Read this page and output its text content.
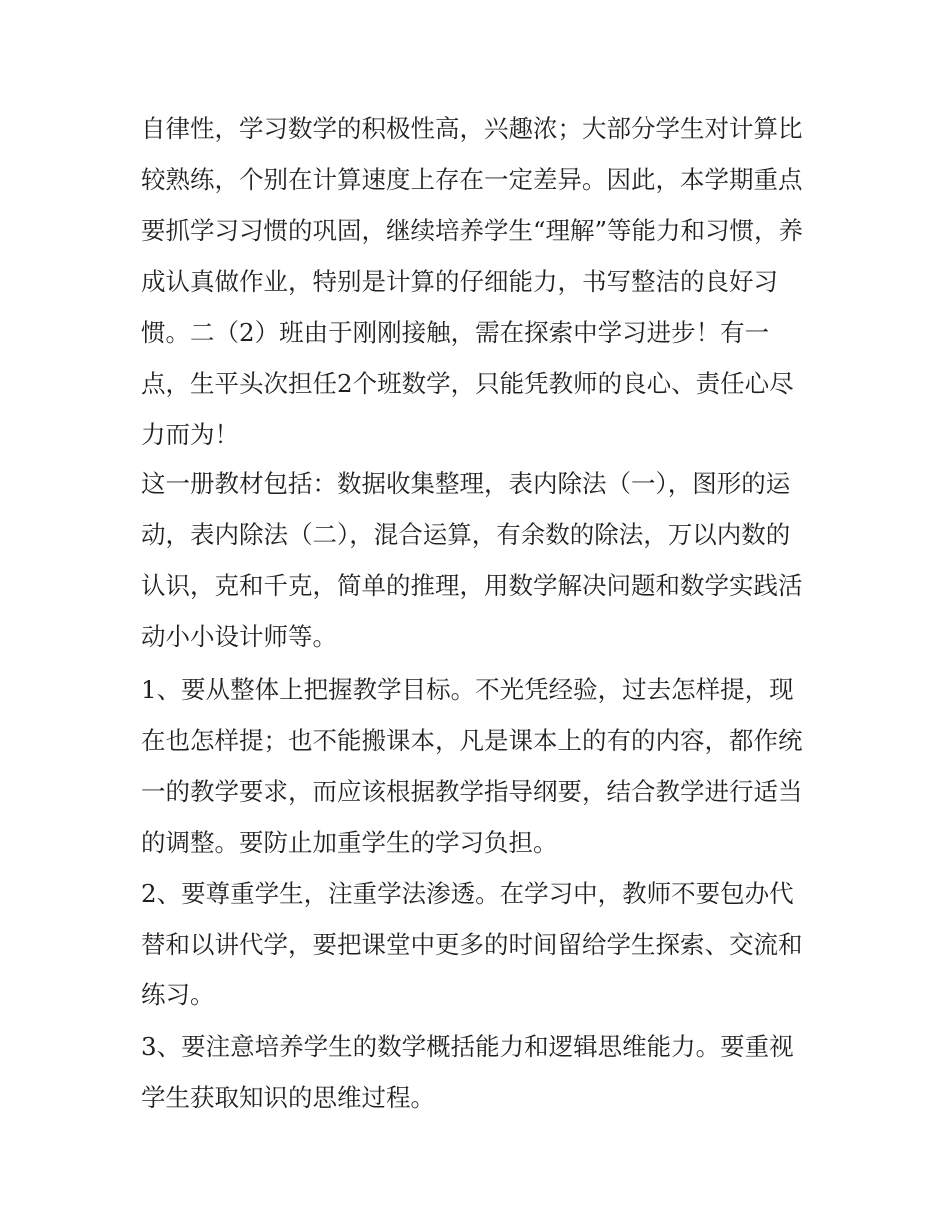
自律性，学习数学的积极性高，兴趣浓；大部分学生对计算比
较熟练，个别在计算速度上存在一定差异。因此，本学期重点
要抓学习习惯的巩固，继续培养学生“理解”等能力和习惯，养
成认真做作业，特别是计算的仔细能力，书写整洁的良好习
惯。二（2）班由于刚刚接触，需在探索中学习进步！有一
点，生平头次担任2个班数学，只能凭教师的良心、责任心尽
力而为！
这一册教材包括：数据收集整理，表内除法（一），图形的运
动，表内除法（二），混合运算，有余数的除法，万以内数的
认识，克和千克，简单的推理，用数学解决问题和数学实践活
动小小设计师等。
1、要从整体上把握教学目标。不光凭经验，过去怎样提，现
在也怎样提；也不能搬课本，凡是课本上的有的内容，都作统
一的教学要求，而应该根据教学指导纲要，结合教学进行适当
的调整。要防止加重学生的学习负担。
2、要尊重学生，注重学法渗透。在学习中，教师不要包办代
替和以讲代学，要把课堂中更多的时间留给学生探索、交流和
练习。
3、要注意培养学生的数学概括能力和逻辑思维能力。要重视
学生获取知识的思维过程。
